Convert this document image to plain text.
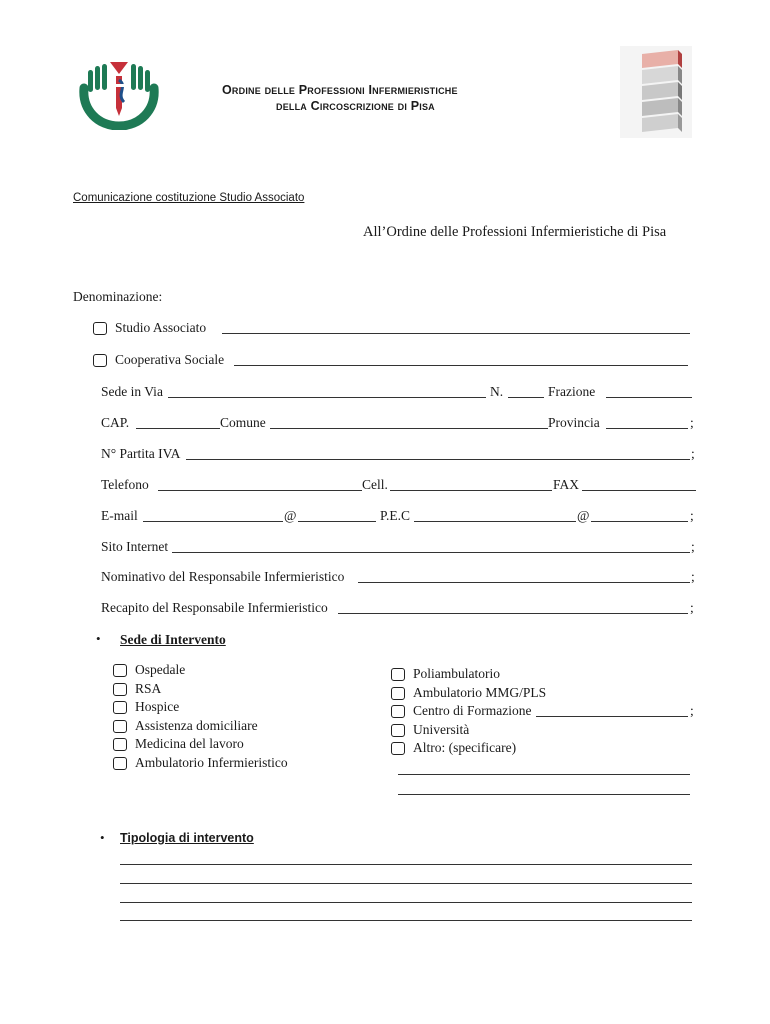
Ordine delle Professioni Infermieristiche
della Circoscrizione di Pisa
Comunicazione costituzione Studio Associato
All’Ordine delle Professioni Infermieristiche di Pisa
Denominazione:
Studio Associato
Cooperativa Sociale
Sede in Via	N.	Frazione
CAP.	Comune	Provincia	;
N° Partita IVA	;
Telefono	Cell.	FAX
E-mail	@	P.E.C	@	;
Sito Internet	;
Nominativo del Responsabile Infermieristico	;
Recapito del Responsabile Infermieristico	;
• Sede di Intervento
Ospedale
RSA
Hospice
Assistenza domiciliare
Medicina del lavoro
Ambulatorio Infermieristico
Poliambulatorio
Ambulatorio MMG/PLS
Centro di Formazione
Università
Altro: (specificare)
;
• Tipologia di intervento
